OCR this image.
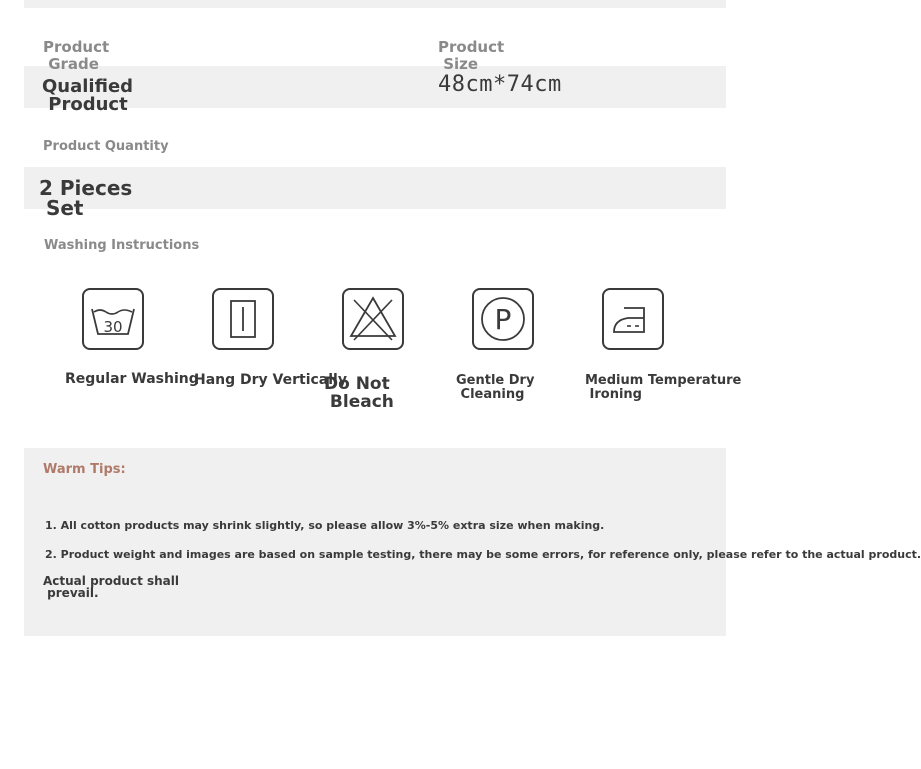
Product
Grade
Qualified
Product
Product
Size
48cm*74cm
Product Quantity
2 Pieces
Set
Washing Instructions
30	P
Regular Washing
Hang Dry Vertically
Do Not
Bleach
Gentle Dry
Cleaning
Medium Temperature
Ironing
Warm Tips:
1. All cotton products may shrink slightly, so please allow 3%-5% extra size when making.
2. Product weight and images are based on sample testing, there may be some errors, for reference only, please refer to the actual product.
Actual product shall
prevail.
